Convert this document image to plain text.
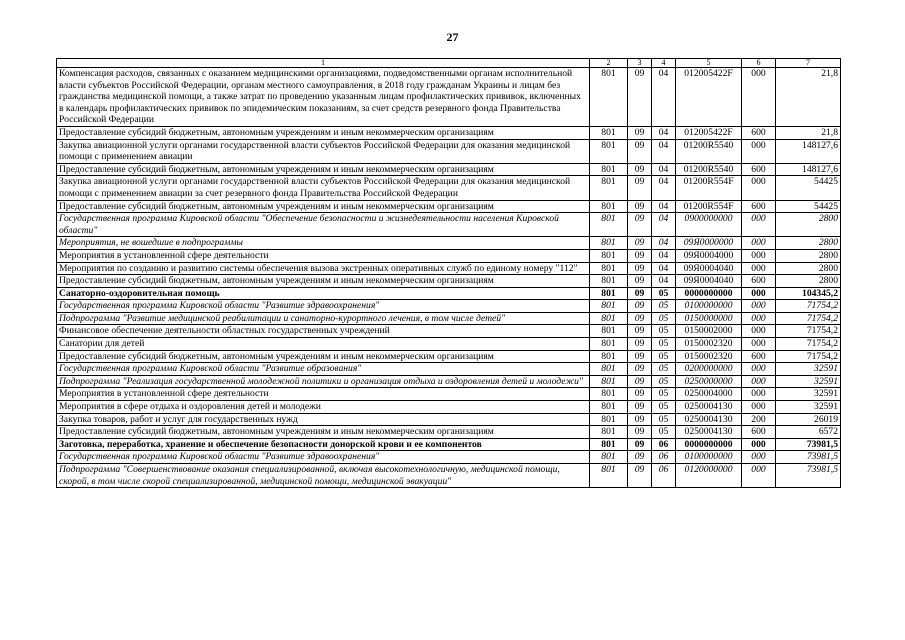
27
1	2	3	4	5	6	7
Компенсация расходов, связанных с оказанием медицинскими организациями, подведомственными органам исполнительной власти субъектов Российской Федерации, органам местного самоуправления, в 2018 году гражданам Украины и лицам без гражданства медицинской помощи, а также затрат по проведению указанным лицам профилактических прививок, включенных в календарь профилактических прививок по эпидемическим показаниям, за счет средств резервного фонда Правительства Российской Федерации	801	09	04	012005422F	000	21,8
Предоставление субсидий бюджетным, автономным учреждениям и иным некоммерческим организациям	801	09	04	012005422F	600	21,8
Закупка авиационной услуги органами государственной власти субъектов Российской Федерации для оказания медицинской помощи с применением авиации	801	09	04	01200R5540	000	148127,6
Предоставление субсидий бюджетным, автономным учреждениям и иным некоммерческим организациям	801	09	04	01200R5540	600	148127,6
Закупка авиационной услуги органами государственной власти субъектов Российской Федерации для оказания медицинской помощи с применением авиации за счет резервного фонда Правительства Российской Федерации	801	09	04	01200R554F	000	54425
Предоставление субсидий бюджетным, автономным учреждениям и иным некоммерческим организациям	801	09	04	01200R554F	600	54425
Государственная программа Кировской области "Обеспечение безопасности и жизнедеятельности населения Кировской области"	801	09	04	0900000000	000	2800
Мероприятия, не вошедшие в подпрограммы	801	09	04	09Я0000000	000	2800
Мероприятия в установленной сфере деятельности	801	09	04	09Я0004000	000	2800
Мероприятия по созданию и развитию системы обеспечения вызова экстренных оперативных служб по единому номеру "112"	801	09	04	09Я0004040	000	2800
Предоставление субсидий бюджетным, автономным учреждениям и иным некоммерческим организациям	801	09	04	09Я0004040	600	2800
Санаторно-оздоровительная помощь	801	09	05	0000000000	000	104345,2
Государственная программа Кировской области "Развитие здравоохранения"	801	09	05	0100000000	000	71754,2
Подпрограмма "Развитие медицинской реабилитации и санаторно-курортного лечения, в том числе детей"	801	09	05	0150000000	000	71754,2
Финансовое обеспечение деятельности областных государственных учреждений	801	09	05	0150002000	000	71754,2
Санатории для детей	801	09	05	0150002320	000	71754,2
Предоставление субсидий бюджетным, автономным учреждениям и иным некоммерческим организациям	801	09	05	0150002320	600	71754,2
Государственная программа Кировской области "Развитие образования"	801	09	05	0200000000	000	32591
Подпрограмма "Реализация государственной молодежной политики и организация отдыха и оздоровления детей и молодежи"	801	09	05	0250000000	000	32591
Мероприятия в установленной сфере деятельности	801	09	05	0250004000	000	32591
Мероприятия в сфере отдыха и оздоровления детей и молодежи	801	09	05	0250004130	000	32591
Закупка товаров, работ и услуг для государственных нужд	801	09	05	0250004130	200	26019
Предоставление субсидий бюджетным, автономным учреждениям и иным некоммерческим организациям	801	09	05	0250004130	600	6572
Заготовка, переработка, хранение и обеспечение безопасности донорской крови и ее компонентов	801	09	06	0000000000	000	73981,5
Государственная программа Кировской области "Развитие здравоохранения"	801	09	06	0100000000	000	73981,5
Подпрограмма "Совершенствование оказания специализированной, включая высокотехнологичную, медицинской помощи, скорой, в том числе скорой специализированной, медицинской помощи, медицинской эвакуации"	801	09	06	0120000000	000	73981,5
